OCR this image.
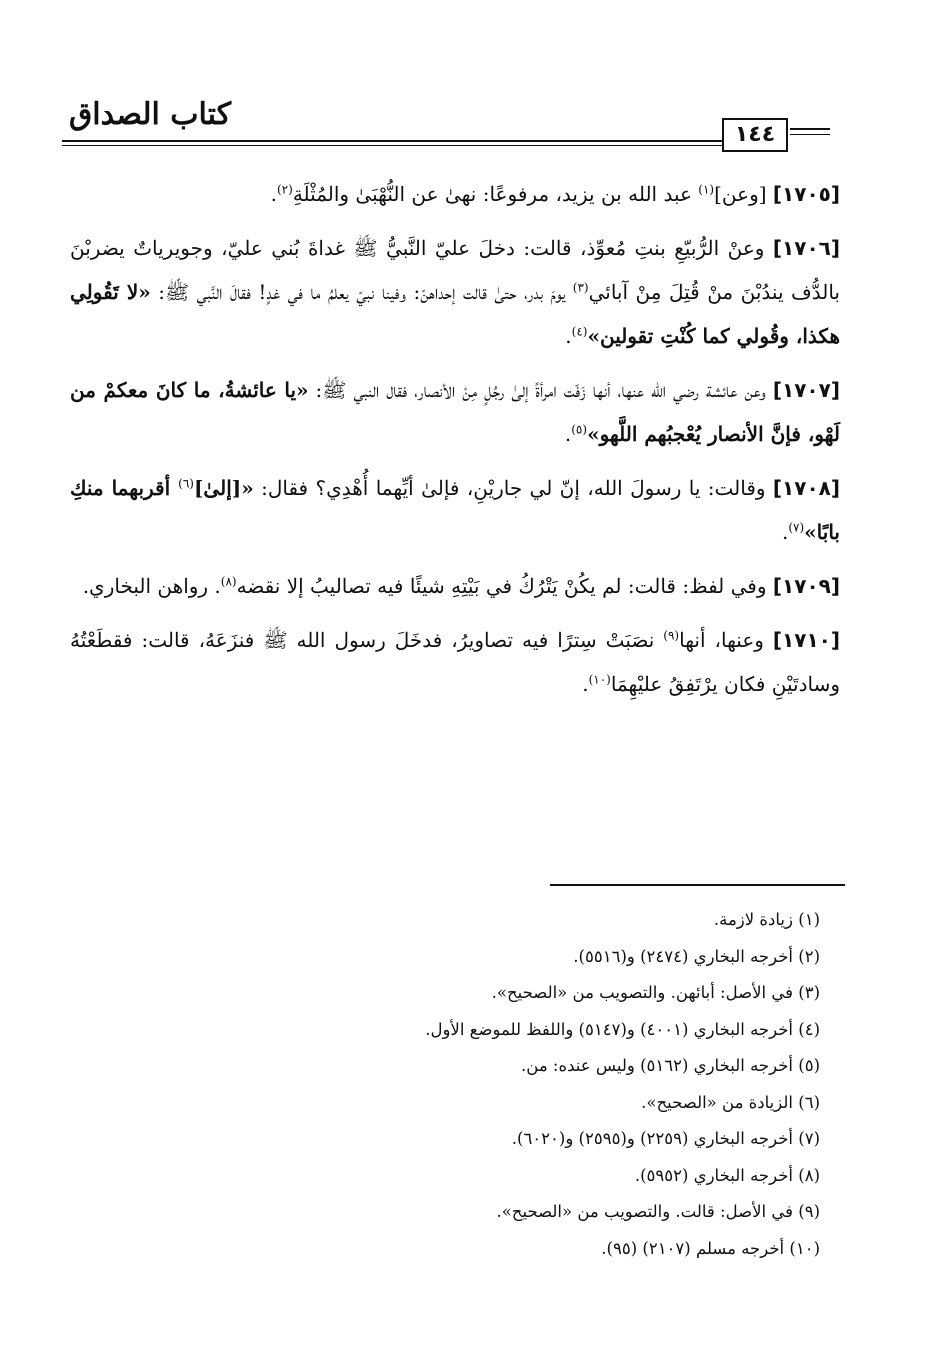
كتاب الصداق
١٤٤

[١٧٠٥] [وعن]$^{(١)}$ عبد الله بن يزيد، مرفوعًا: نهىٰ عن النُّهْبَىٰ والمُثْلَةِ$^{(٢)}$.

[١٧٠٦] وعنْ الرُّبيّعِ بنتِ مُعوِّذ، قالت: دخلَ عليّ النَّبيُّ ﷺ غداةَ بُني عليّ، وجويرياتٌ يضربْنَ بالدُّف يندُبْنَ منْ قُتِلَ مِنْ آبائي$^{(٣)}$ يومَ بدر، حتىٰ قالت إحداهنّ: وفينا نبيّ يعلمُ ما في غدٍ! فقالَ النَّبي ﷺ: «لا تَقُولِي هكذا، وقُولي كما كُنْتِ تقولين»$^{(٤)}$.

[١٧٠٧] وعن عائشة رضي الله عنها، أنها زَفّت امرأةً إلىٰ رجُلٍ مِنْ الأنصار، فقال النبي ﷺ: «يا عائشةُ، ما كانَ معكمْ من لَهْو، فإنَّ الأنصار يُعْجبُهم اللَّهو»$^{(٥)}$.

[١٧٠٨] وقالت: يا رسولَ الله، إنّ لي جاريْنِ، فإلىٰ أيِّهما أُهْدِي؟ فقال: «[إلىٰ]$^{(٦)}$ أقربهما منكِ بابًا»$^{(٧)}$.

[١٧٠٩] وفي لفظ: قالت: لم يكُنْ يَتْرُكُ في بَيْتِهِ شيئًا فيه تصاليبُ إلا نقضه$^{(٨)}$. رواهن البخاري.

[١٧١٠] وعنها، أنها$^{(٩)}$ نصَبَتْ سِترًا فيه تصاويرُ، فدخَلَ رسول الله ﷺ فنزَعَهُ، قالت: فقطَعْتُهُ وسادتَيْنِ فكان يرْتَفِقُ عليْهِمَا$^{(١٠)}$.

(١) زيادة لازمة.
(٢) أخرجه البخاري (٢٤٧٤) و(٥٥١٦).
(٣) في الأصل: أبائهن. والتصويب من «الصحيح».
(٤) أخرجه البخاري (٤٠٠١) و(٥١٤٧) واللفظ للموضع الأول.
(٥) أخرجه البخاري (٥١٦٢) وليس عنده: من.
(٦) الزيادة من «الصحيح».
(٧) أخرجه البخاري (٢٢٥٩) و(٢٥٩٥) و(٦٠٢٠).
(٨) أخرجه البخاري (٥٩٥٢).
(٩) في الأصل: قالت. والتصويب من «الصحيح».
(١٠) أخرجه مسلم (٢١٠٧) (٩٥).
